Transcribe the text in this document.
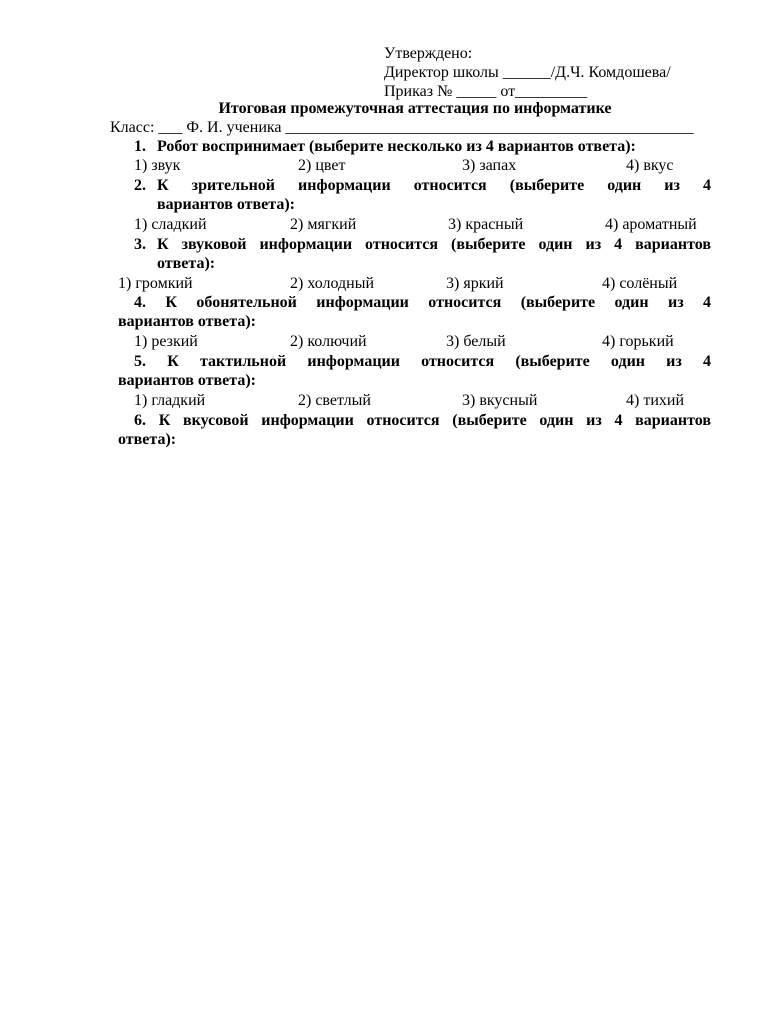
Утверждено:
Директор школы ______/Д.Ч. Комдошева/
Приказ № _____ от_________
Итоговая промежуточная аттестация по информатике
Класс: ___ Ф. И. ученика ___________________________________________________
1. Робот воспринимает (выберите несколько из 4 вариантов ответа):
1) звук	2) цвет	3) запах	4) вкус
2. К зрительной информации относится (выберите один из 4
вариантов ответа):
1) сладкий	2) мягкий	3) красный	4) ароматный
3. К звуковой информации относится (выберите один из 4 вариантов
ответа):
1) громкий	2) холодный	3) яркий	4) солёный
4. К обонятельной информации относится (выберите один из 4
вариантов ответа):
1) резкий	2) колючий	3) белый	4) горький
5. К тактильной информации относится (выберите один из 4
вариантов ответа):
1) гладкий	2) светлый	3) вкусный	4) тихий
6. К вкусовой информации относится (выберите один из 4 вариантов
ответа):
